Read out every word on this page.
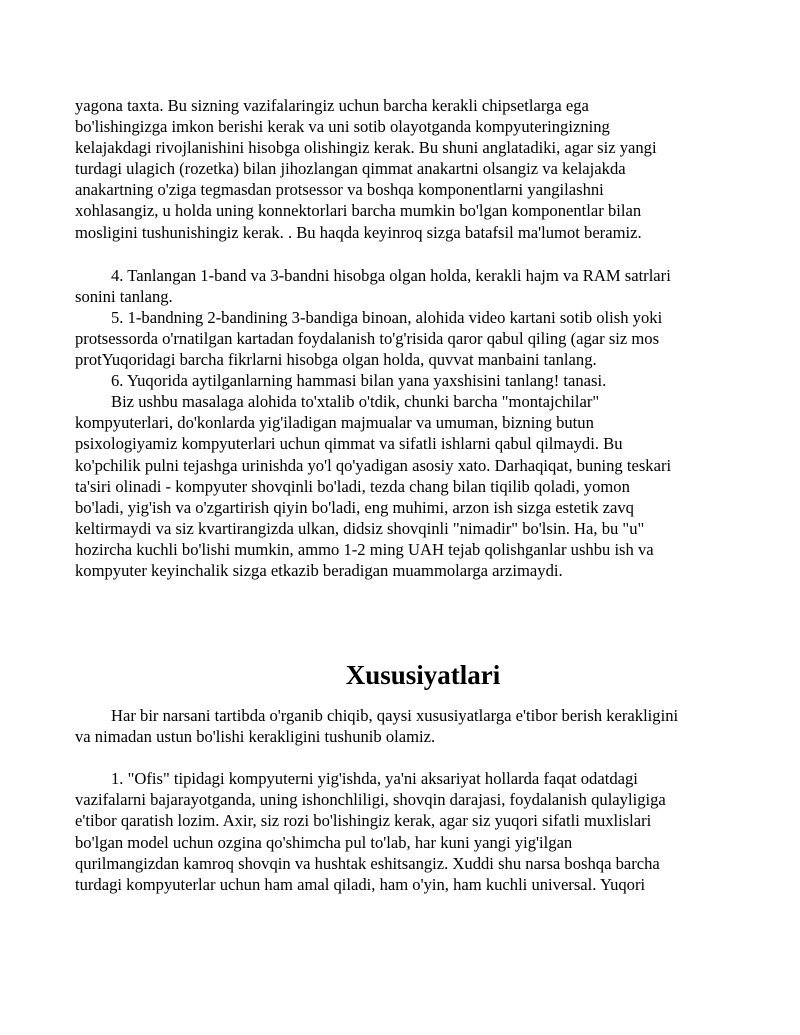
yagona taxta. Bu sizning vazifalaringiz uchun barcha kerakli chipsetlarga ega
bo'lishingizga imkon berishi kerak va uni sotib olayotganda kompyuteringizning
kelajakdagi rivojlanishini hisobga olishingiz kerak. Bu shuni anglatadiki, agar siz yangi
turdagi ulagich (rozetka) bilan jihozlangan qimmat anakartni olsangiz va kelajakda
anakartning o'ziga tegmasdan protsessor va boshqa komponentlarni yangilashni
xohlasangiz, u holda uning konnektorlari barcha mumkin bo'lgan komponentlar bilan
mosligini tushunishingiz kerak. . Bu haqda keyinroq sizga batafsil ma'lumot beramiz.
4. Tanlangan 1-band va 3-bandni hisobga olgan holda, kerakli hajm va RAM satrlari
sonini tanlang.
5. 1-bandning 2-bandining 3-bandiga binoan, alohida video kartani sotib olish yoki
protsessorda o'rnatilgan kartadan foydalanish to'g'risida qaror qabul qiling (agar siz mos
protYuqoridagi barcha fikrlarni hisobga olgan holda, quvvat manbaini tanlang.
6. Yuqorida aytilganlarning hammasi bilan yana yaxshisini tanlang! tanasi.
Biz ushbu masalaga alohida to'xtalib o'tdik, chunki barcha "montajchilar"
kompyuterlari, do'konlarda yig'iladigan majmualar va umuman, bizning butun
psixologiyamiz kompyuterlari uchun qimmat va sifatli ishlarni qabul qilmaydi. Bu
ko'pchilik pulni tejashga urinishda yo'l qo'yadigan asosiy xato. Darhaqiqat, buning teskari
ta'siri olinadi - kompyuter shovqinli bo'ladi, tezda chang bilan tiqilib qoladi, yomon
bo'ladi, yig'ish va o'zgartirish qiyin bo'ladi, eng muhimi, arzon ish sizga estetik zavq
keltirmaydi va siz kvartirangizda ulkan, didsiz shovqinli "nimadir" bo'lsin. Ha, bu "u"
hozircha kuchli bo'lishi mumkin, ammo 1-2 ming UAH tejab qolishganlar ushbu ish va
kompyuter keyinchalik sizga etkazib beradigan muammolarga arzimaydi.
Xususiyatlari
Har bir narsani tartibda o'rganib chiqib, qaysi xususiyatlarga e'tibor berish kerakligini
va nimadan ustun bo'lishi kerakligini tushunib olamiz.
1. "Ofis" tipidagi kompyuterni yig'ishda, ya'ni aksariyat hollarda faqat odatdagi
vazifalarni bajarayotganda, uning ishonchliligi, shovqin darajasi, foydalanish qulayligiga
e'tibor qaratish lozim. Axir, siz rozi bo'lishingiz kerak, agar siz yuqori sifatli muxlislari
bo'lgan model uchun ozgina qo'shimcha pul to'lab, har kuni yangi yig'ilgan
qurilmangizdan kamroq shovqin va hushtak eshitsangiz. Xuddi shu narsa boshqa barcha
turdagi kompyuterlar uchun ham amal qiladi, ham o'yin, ham kuchli universal. Yuqori
